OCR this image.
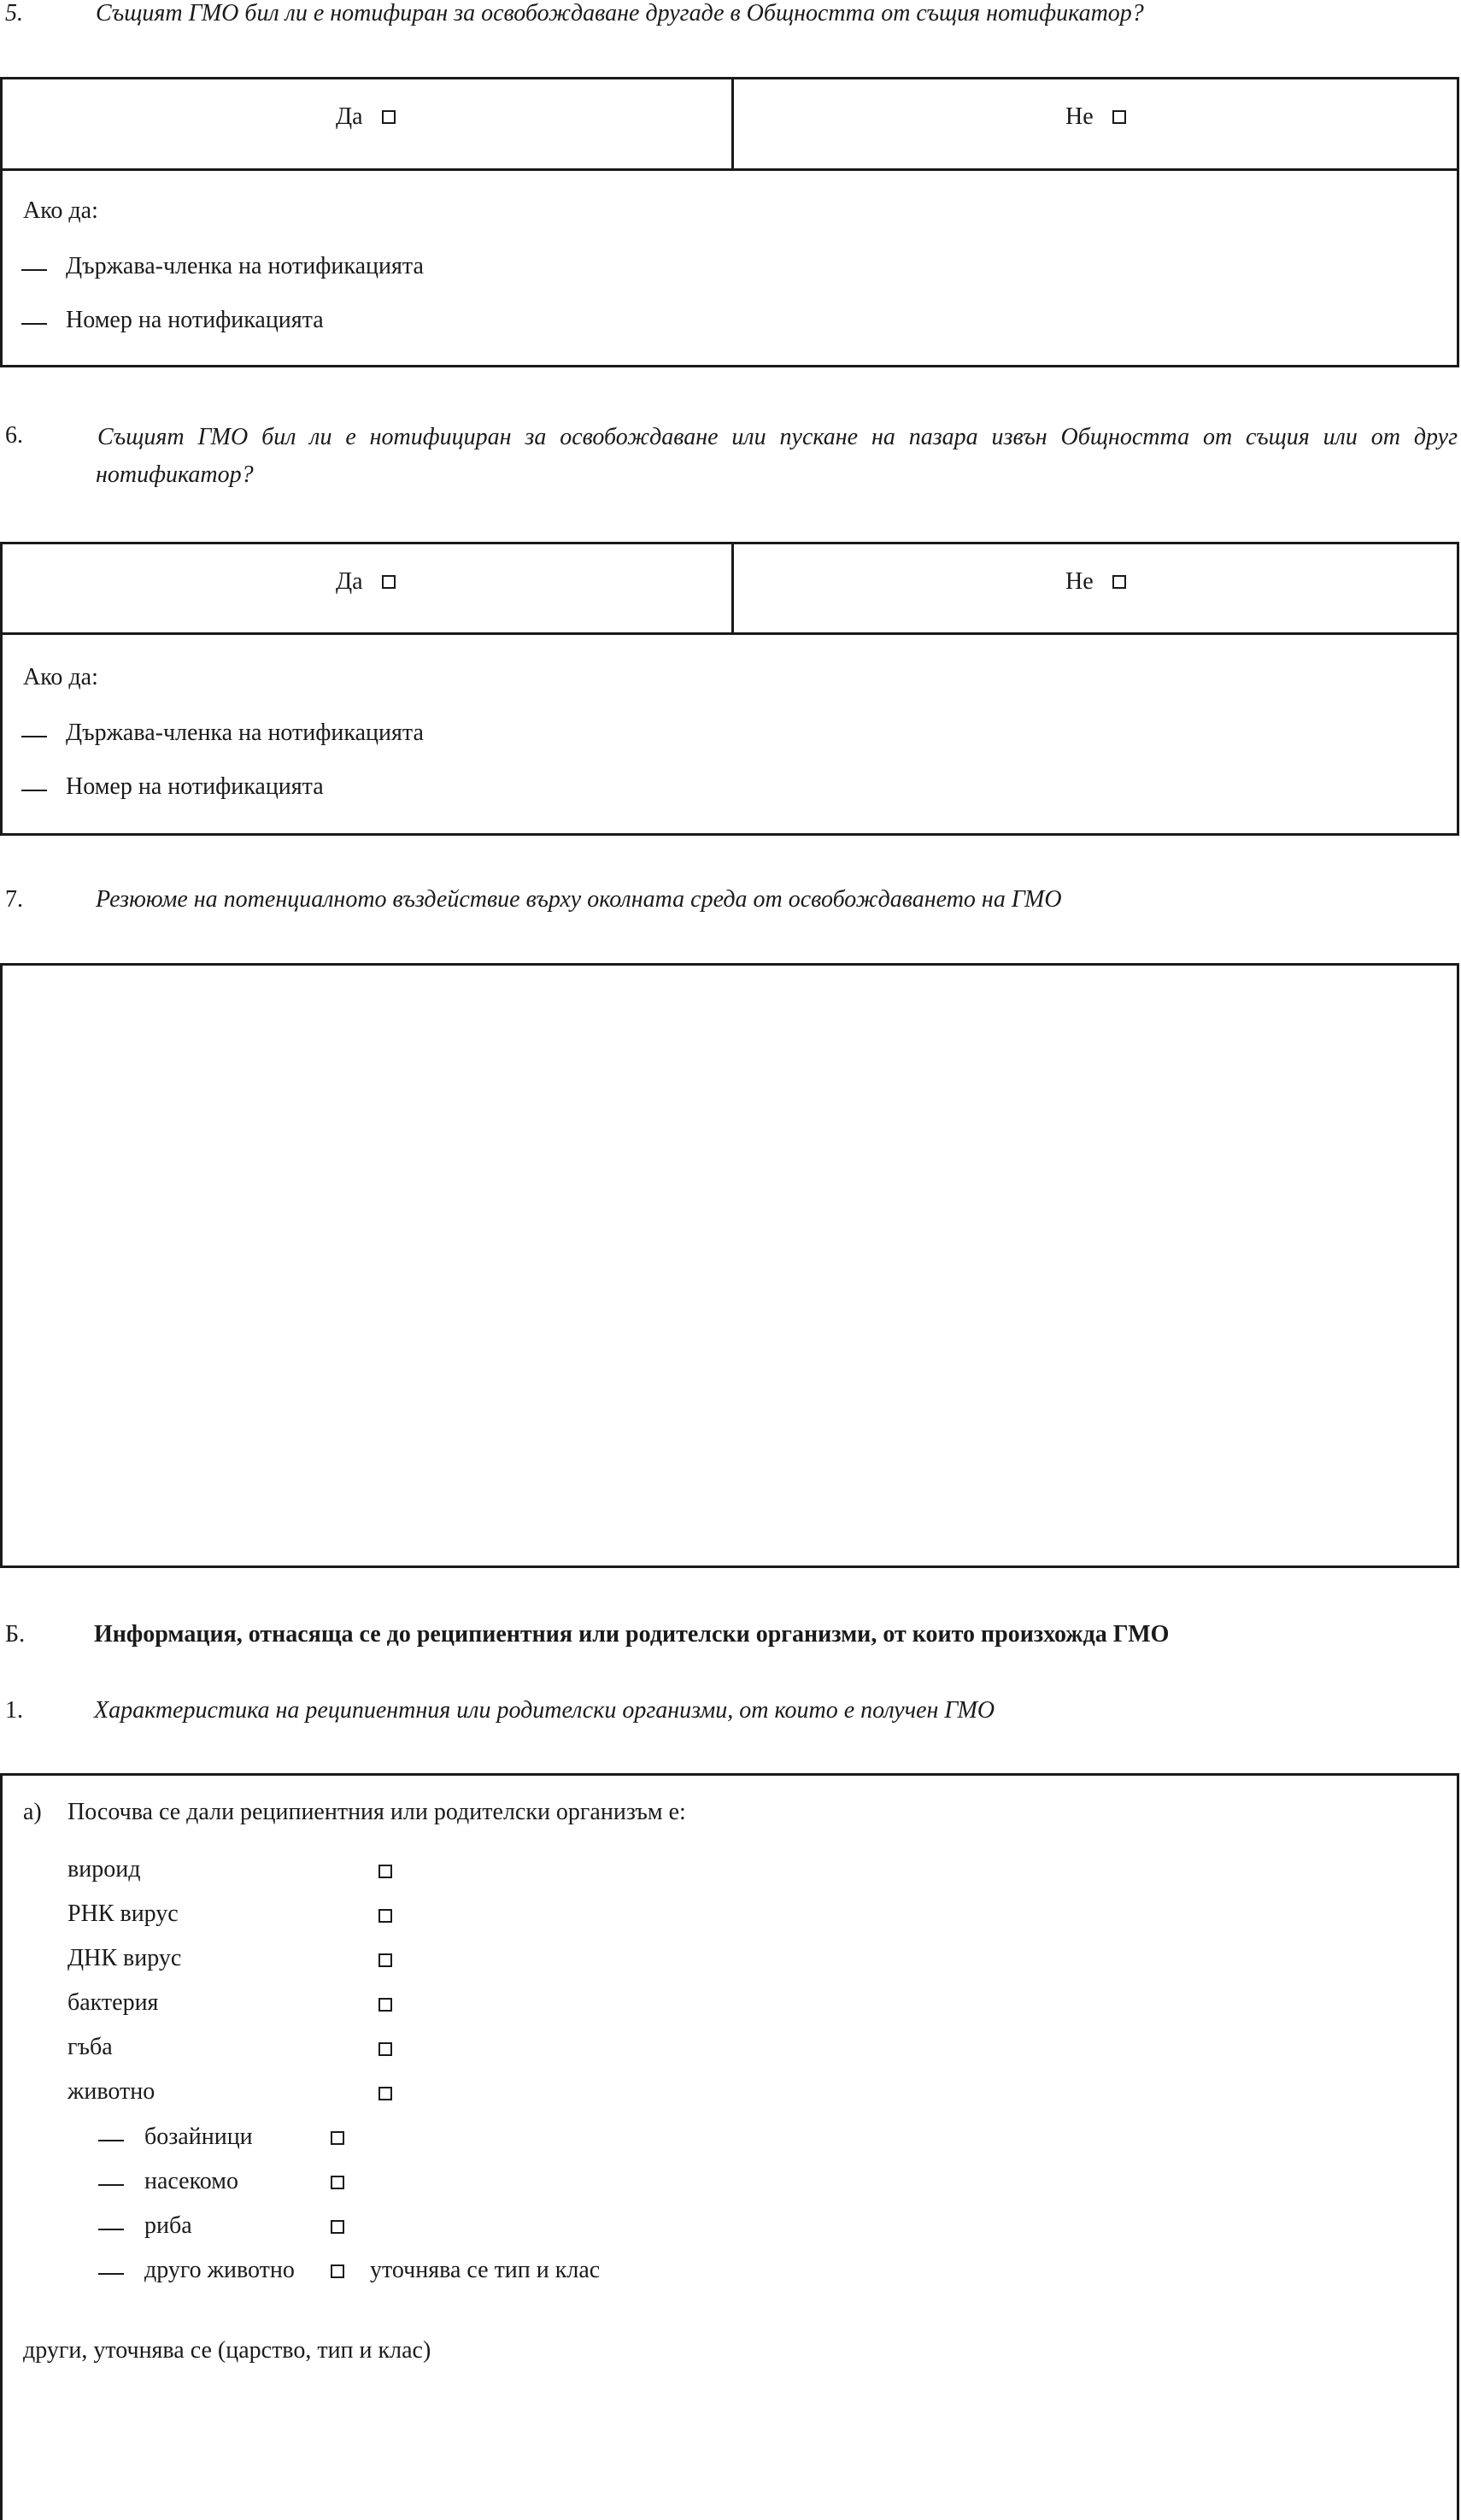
5.	Същият ГМО бил ли е нотифиран за освобождаване другаде в Общността от същия нотификатор?
Да	Не
Ако да:
Държава-членка на нотификацията
Номер на нотификацията
6.	Същият ГМО бил ли е нотифициран за освобождаване или пускане на пазара извън Общността от същия или от друг
нотификатор?
Да	Не
Ако да:
Държава-членка на нотификацията
Номер на нотификацията
7.	Резююме на потенциалното въздействие върху околната среда от освобождаването на ГМО
Б.	Информация, отнасяща се до реципиентния или родителски организми, от които произхожда ГМО
1.	Характеристика на реципиентния или родителски организми, от които е получен ГМО
а) Посочва се дали реципиентния или родителски организъм е:
вироид
РНК вирус
ДНК вирус
бактерия
гъба
животно
бозайници
насекомо
риба
друго животно	уточнява се тип и клас
други, уточнява се (царство, тип и клас)
